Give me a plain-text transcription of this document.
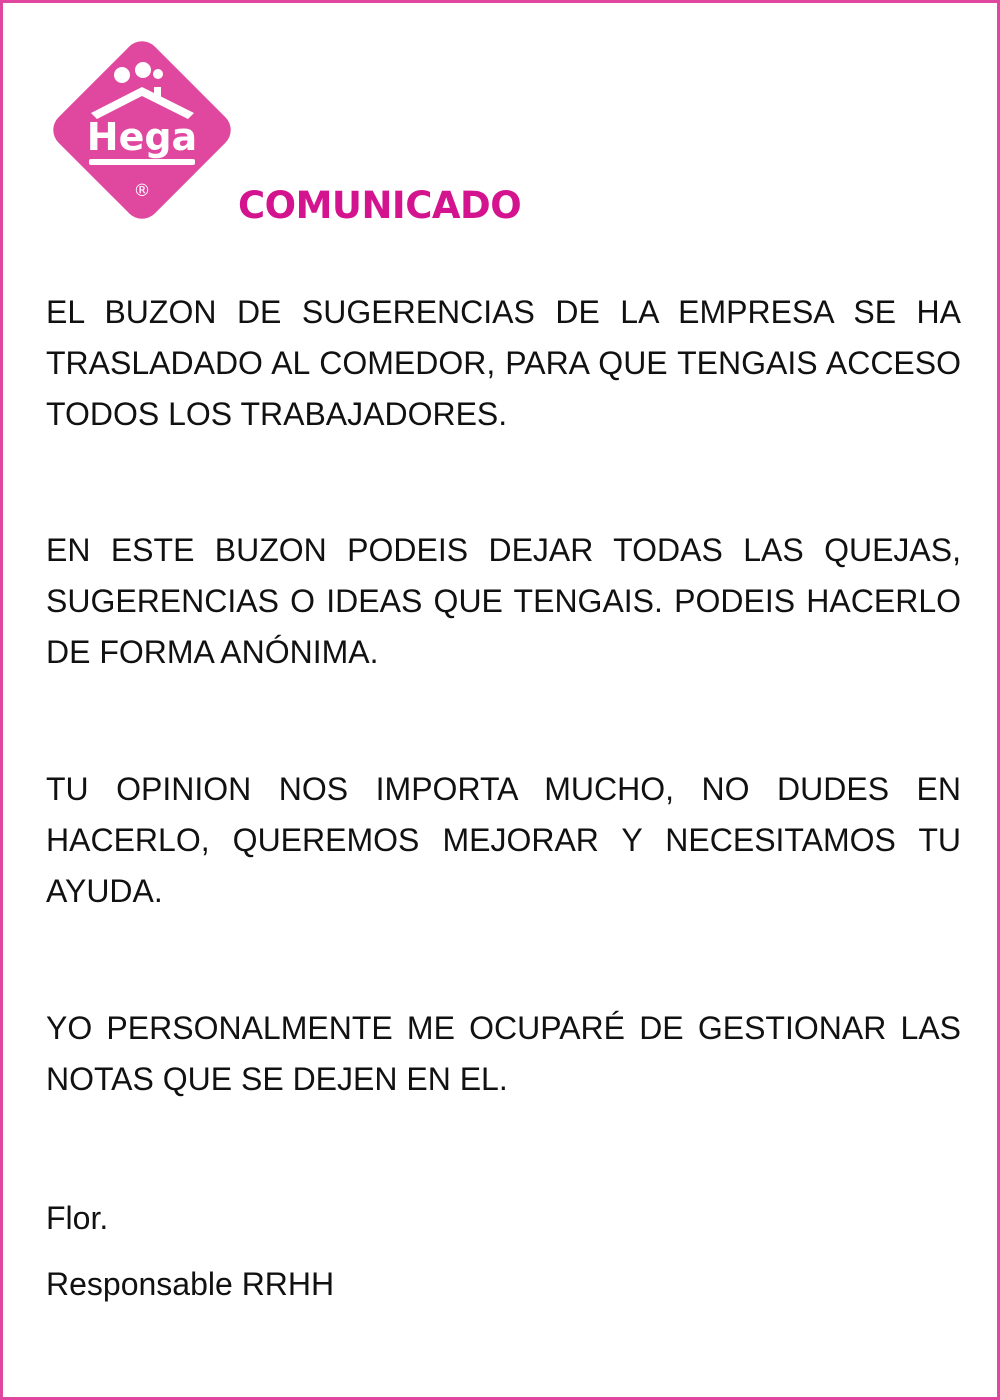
Hega
® COMUNICADO

EL BUZON DE SUGERENCIAS DE LA EMPRESA SE HA TRASLADADO AL COMEDOR, PARA QUE TENGAIS ACCESO TODOS LOS TRABAJADORES.

EN ESTE BUZON PODEIS DEJAR TODAS LAS QUEJAS, SUGERENCIAS O IDEAS QUE TENGAIS. PODEIS HACERLO DE FORMA ANÓNIMA.

TU OPINION NOS IMPORTA MUCHO, NO DUDES EN HACERLO, QUEREMOS MEJORAR Y NECESITAMOS TU AYUDA.

YO PERSONALMENTE ME OCUPARÉ DE GESTIONAR LAS NOTAS QUE SE DEJEN EN EL.

Flor.

Responsable RRHH
